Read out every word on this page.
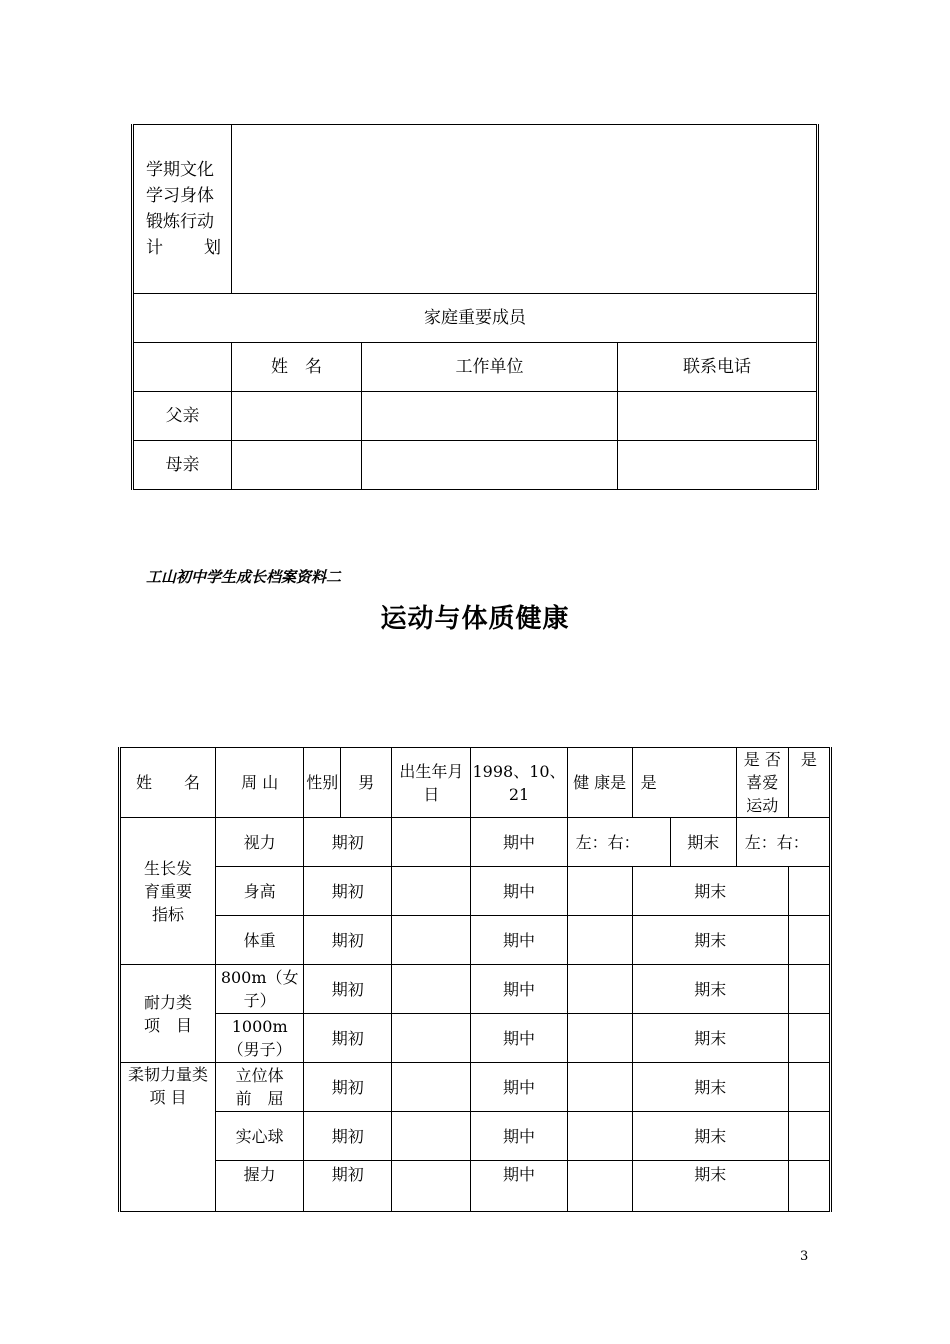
学期文化
学习身体
锻炼行动
计 划			

家庭重要成员			
	姓　名	工作单位	联系电话
父亲			
母亲			
工山初中学生成长档案资料二
运动与体质健康
姓　　名	周 山	性别	男	出生年月日	1998、10、21	健 康是	是		是 否 喜爱 运动	是
生长发育重要指标	视力	期初			期中	左：右：		期末	左：右：	
	身高	期初			期中		期末			
	体重	期初			期中		期末			
耐力类项　目	800m（女子）	期初			期中		期末			
	1000m（男子）	期初			期中		期末			
柔韧力量类 项 目	立位体前　屈	期初			期中		期末			
	实心球	期初			期中		期末			
	握力	期初			期中		期末			
3
